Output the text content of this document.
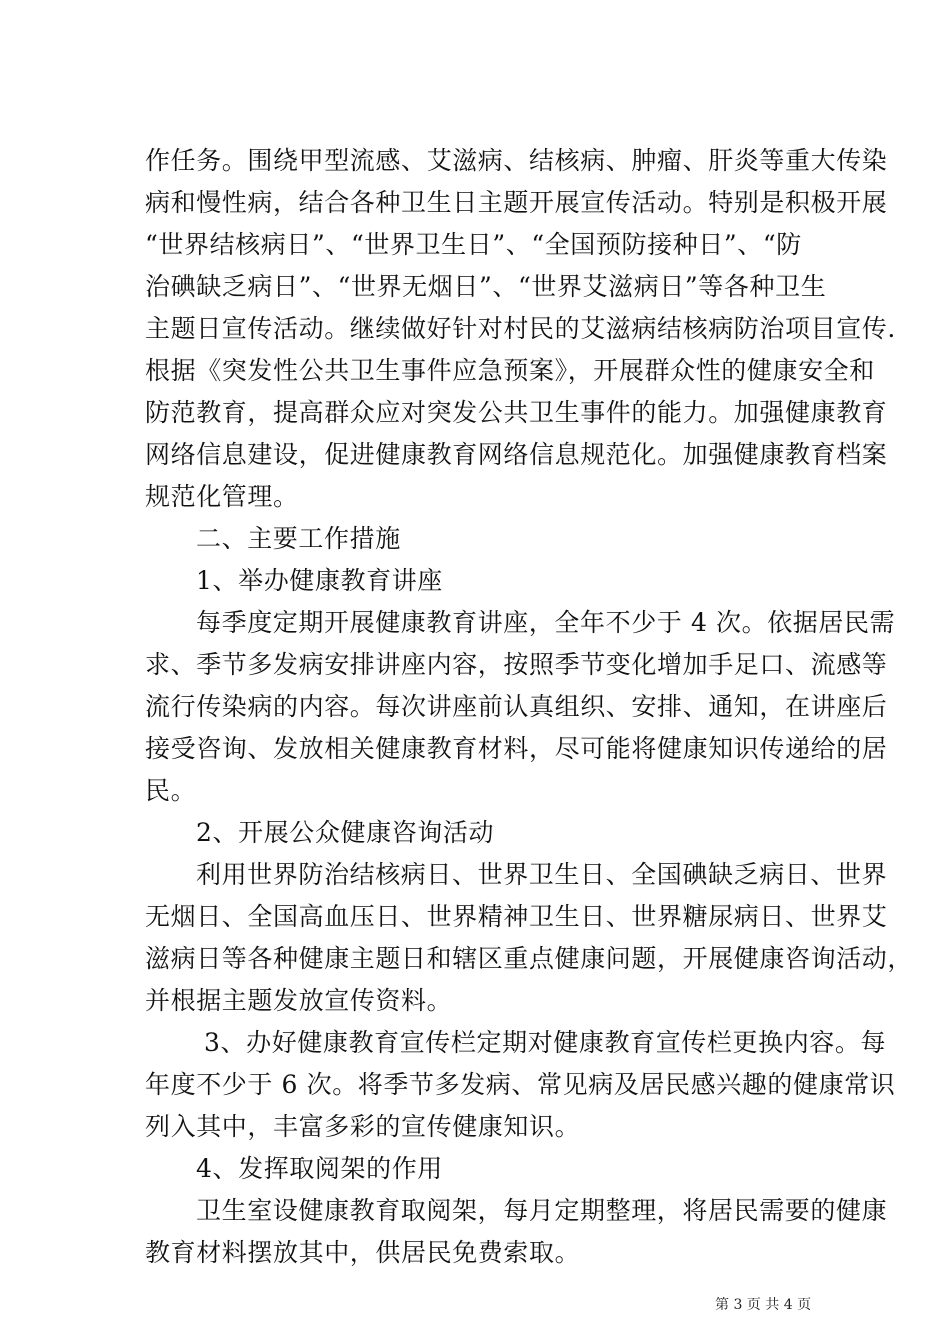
作任务。围绕甲型流感、艾滋病、结核病、肿瘤、肝炎等重大传染
病和慢性病，结合各种卫生日主题开展宣传活动。特别是积极开展
“世界结核病日”、“世界卫生日”、“全国预防接种日”、“防
治碘缺乏病日”、“世界无烟日”、“世界艾滋病日”等各种卫生
主题日宣传活动。继续做好针对村民的艾滋病结核病防治项目宣传.
根据《突发性公共卫生事件应急预案》，开展群众性的健康安全和
防范教育，提高群众应对突发公共卫生事件的能力。加强健康教育
网络信息建设，促进健康教育网络信息规范化。加强健康教育档案
规范化管理。
二、主要工作措施
1、举办健康教育讲座
每季度定期开展健康教育讲座，全年不少于 4 次。依据居民需
求、季节多发病安排讲座内容，按照季节变化增加手足口、流感等
流行传染病的内容。每次讲座前认真组织、安排、通知，在讲座后
接受咨询、发放相关健康教育材料，尽可能将健康知识传递给的居
民。
2、开展公众健康咨询活动
利用世界防治结核病日、世界卫生日、全国碘缺乏病日、世界
无烟日、全国高血压日、世界精神卫生日、世界糖尿病日、世界艾
滋病日等各种健康主题日和辖区重点健康问题，开展健康咨询活动，
并根据主题发放宣传资料。
3、办好健康教育宣传栏定期对健康教育宣传栏更换内容。每
年度不少于 6 次。将季节多发病、常见病及居民感兴趣的健康常识
列入其中，丰富多彩的宣传健康知识。
4、发挥取阅架的作用
卫生室设健康教育取阅架，每月定期整理，将居民需要的健康
教育材料摆放其中，供居民免费索取。
第 3 页 共 4 页
